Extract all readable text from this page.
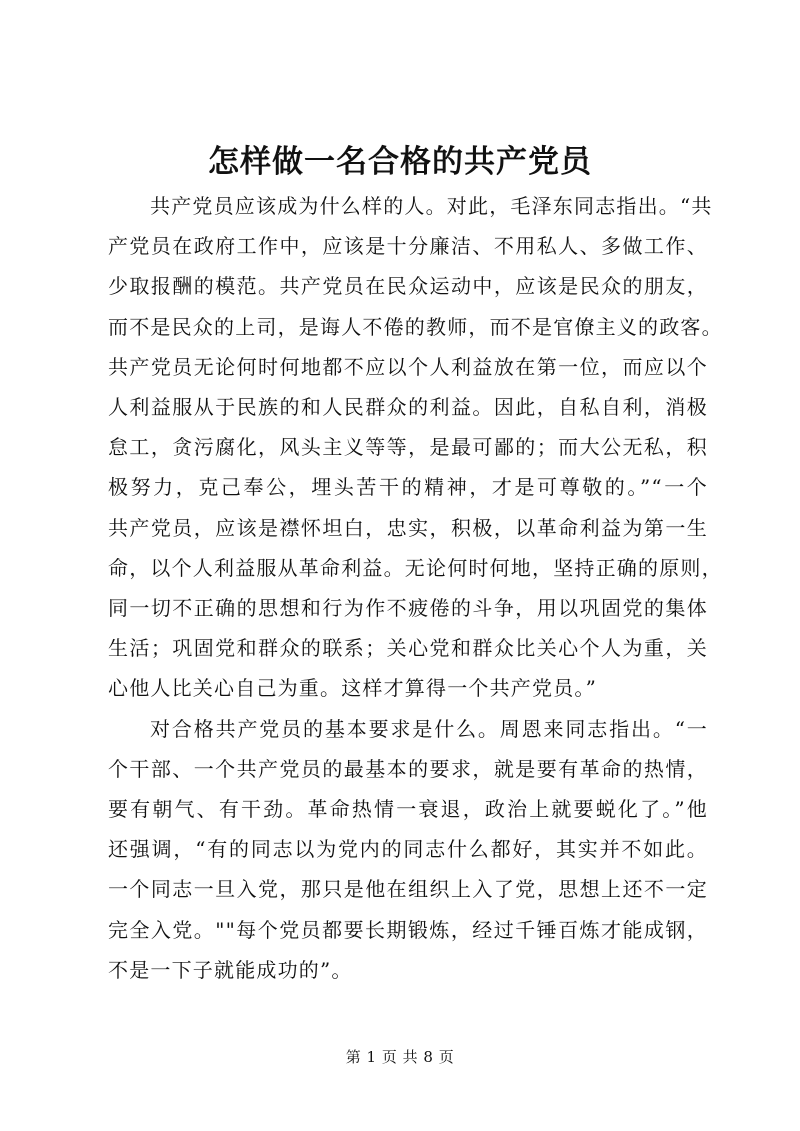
怎样做一名合格的共产党员
共产党员应该成为什么样的人。对此，毛泽东同志指出。“共
产党员在政府工作中，应该是十分廉洁、不用私人、多做工作、
少取报酬的模范。共产党员在民众运动中，应该是民众的朋友，
而不是民众的上司，是诲人不倦的教师，而不是官僚主义的政客。
共产党员无论何时何地都不应以个人利益放在第一位，而应以个
人利益服从于民族的和人民群众的利益。因此，自私自利，消极
怠工，贪污腐化，风头主义等等，是最可鄙的；而大公无私，积
极努力，克己奉公，埋头苦干的精神，才是可尊敬的。”“一个
共产党员，应该是襟怀坦白，忠实，积极，以革命利益为第一生
命，以个人利益服从革命利益。无论何时何地，坚持正确的原则，
同一切不正确的思想和行为作不疲倦的斗争，用以巩固党的集体
生活；巩固党和群众的联系；关心党和群众比关心个人为重，关
心他人比关心自己为重。这样才算得一个共产党员。”
对合格共产党员的基本要求是什么。周恩来同志指出。“一
个干部、一个共产党员的最基本的要求，就是要有革命的热情，
要有朝气、有干劲。革命热情一衰退，政治上就要蜕化了。”他
还强调，“有的同志以为党内的同志什么都好，其实并不如此。
一个同志一旦入党，那只是他在组织上入了党，思想上还不一定
完全入党。""每个党员都要长期锻炼，经过千锤百炼才能成钢，
不是一下子就能成功的”。
第 1 页 共 8 页
